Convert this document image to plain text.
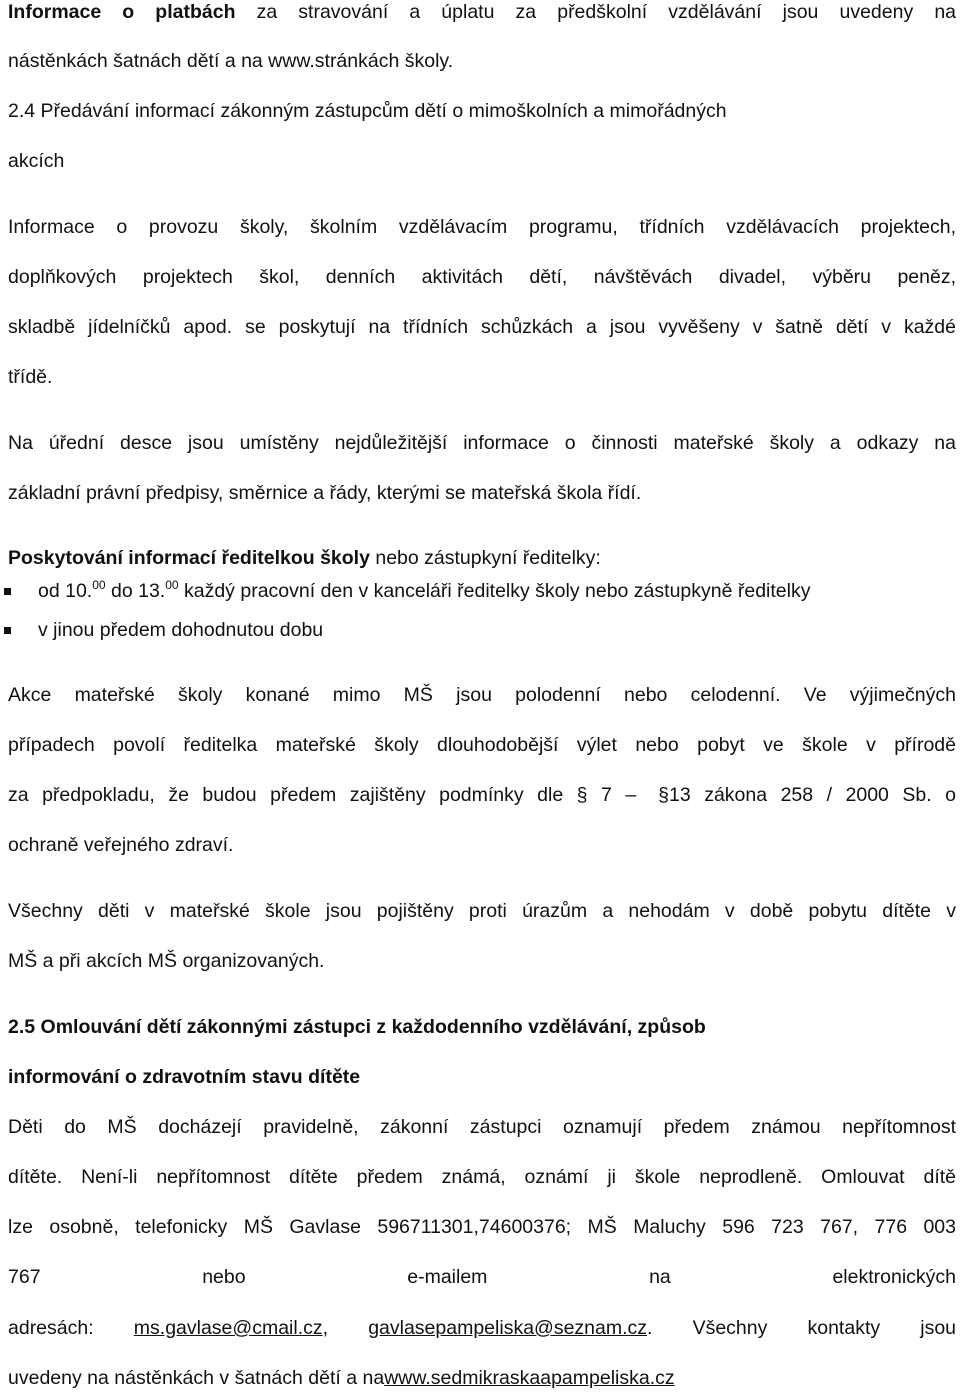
Informace o platbách za stravování a úplatu za předškolní vzdělávání jsou uvedeny na
nástěnkách šatnách dětí a na www.stránkách školy.
2.4 Předávání informací zákonným zástupcům dětí o mimoškolních a mimořádných
akcích
Informace o provozu školy, školním vzdělávacím programu, třídních vzdělávacích projektech,
doplňkových projektech škol, denních aktivitách dětí, návštěvách divadel, výběru peněz,
skladbě jídelníčků apod. se poskytují na třídních schůzkách a jsou vyvěšeny v šatně dětí v každé
třídě.
Na úřední desce jsou umístěny nejdůležitější informace o činnosti mateřské školy a odkazy na
základní právní předpisy, směrnice a řády, kterými se mateřská škola řídí.
Poskytování informací ředitelkou školy nebo zástupkyní ředitelky:
od 10.00 do 13.00 každý pracovní den v kanceláři ředitelky školy nebo zástupkyně ředitelky
v jinou předem dohodnutou dobu
Akce mateřské školy konané mimo MŠ jsou polodenní nebo celodenní. Ve výjimečných
případech povolí ředitelka mateřské školy dlouhodobější výlet nebo pobyt ve škole v přírodě
za předpokladu, že budou předem zajištěny podmínky dle § 7 – §13 zákona 258 / 2000 Sb. o
ochraně veřejného zdraví.
Všechny děti v mateřské škole jsou pojištěny proti úrazům a nehodám v době pobytu dítěte v
MŠ a při akcích MŠ organizovaných.
2.5 Omlouvání dětí zákonnými zástupci z každodenního vzdělávání, způsob
informování o zdravotním stavu dítěte
Děti do MŠ docházejí pravidelně, zákonní zástupci oznamují předem známou nepřítomnost
dítěte. Není-li nepřítomnost dítěte předem známá, oznámí ji škole neprodleně. Omlouvat dítě
lze osobně, telefonicky MŠ Gavlase 596711301,74600376; MŠ Maluchy 596 723 767, 776 003
767 nebo e-mailem na elektronických
adresách: ms.gavlase@cmail.cz, gavlasepampeliska@seznam.cz. Všechny kontakty jsou
uvedeny na nástěnkách v šatnách dětí a nawww.sedmikraskaapampeliska.cz
